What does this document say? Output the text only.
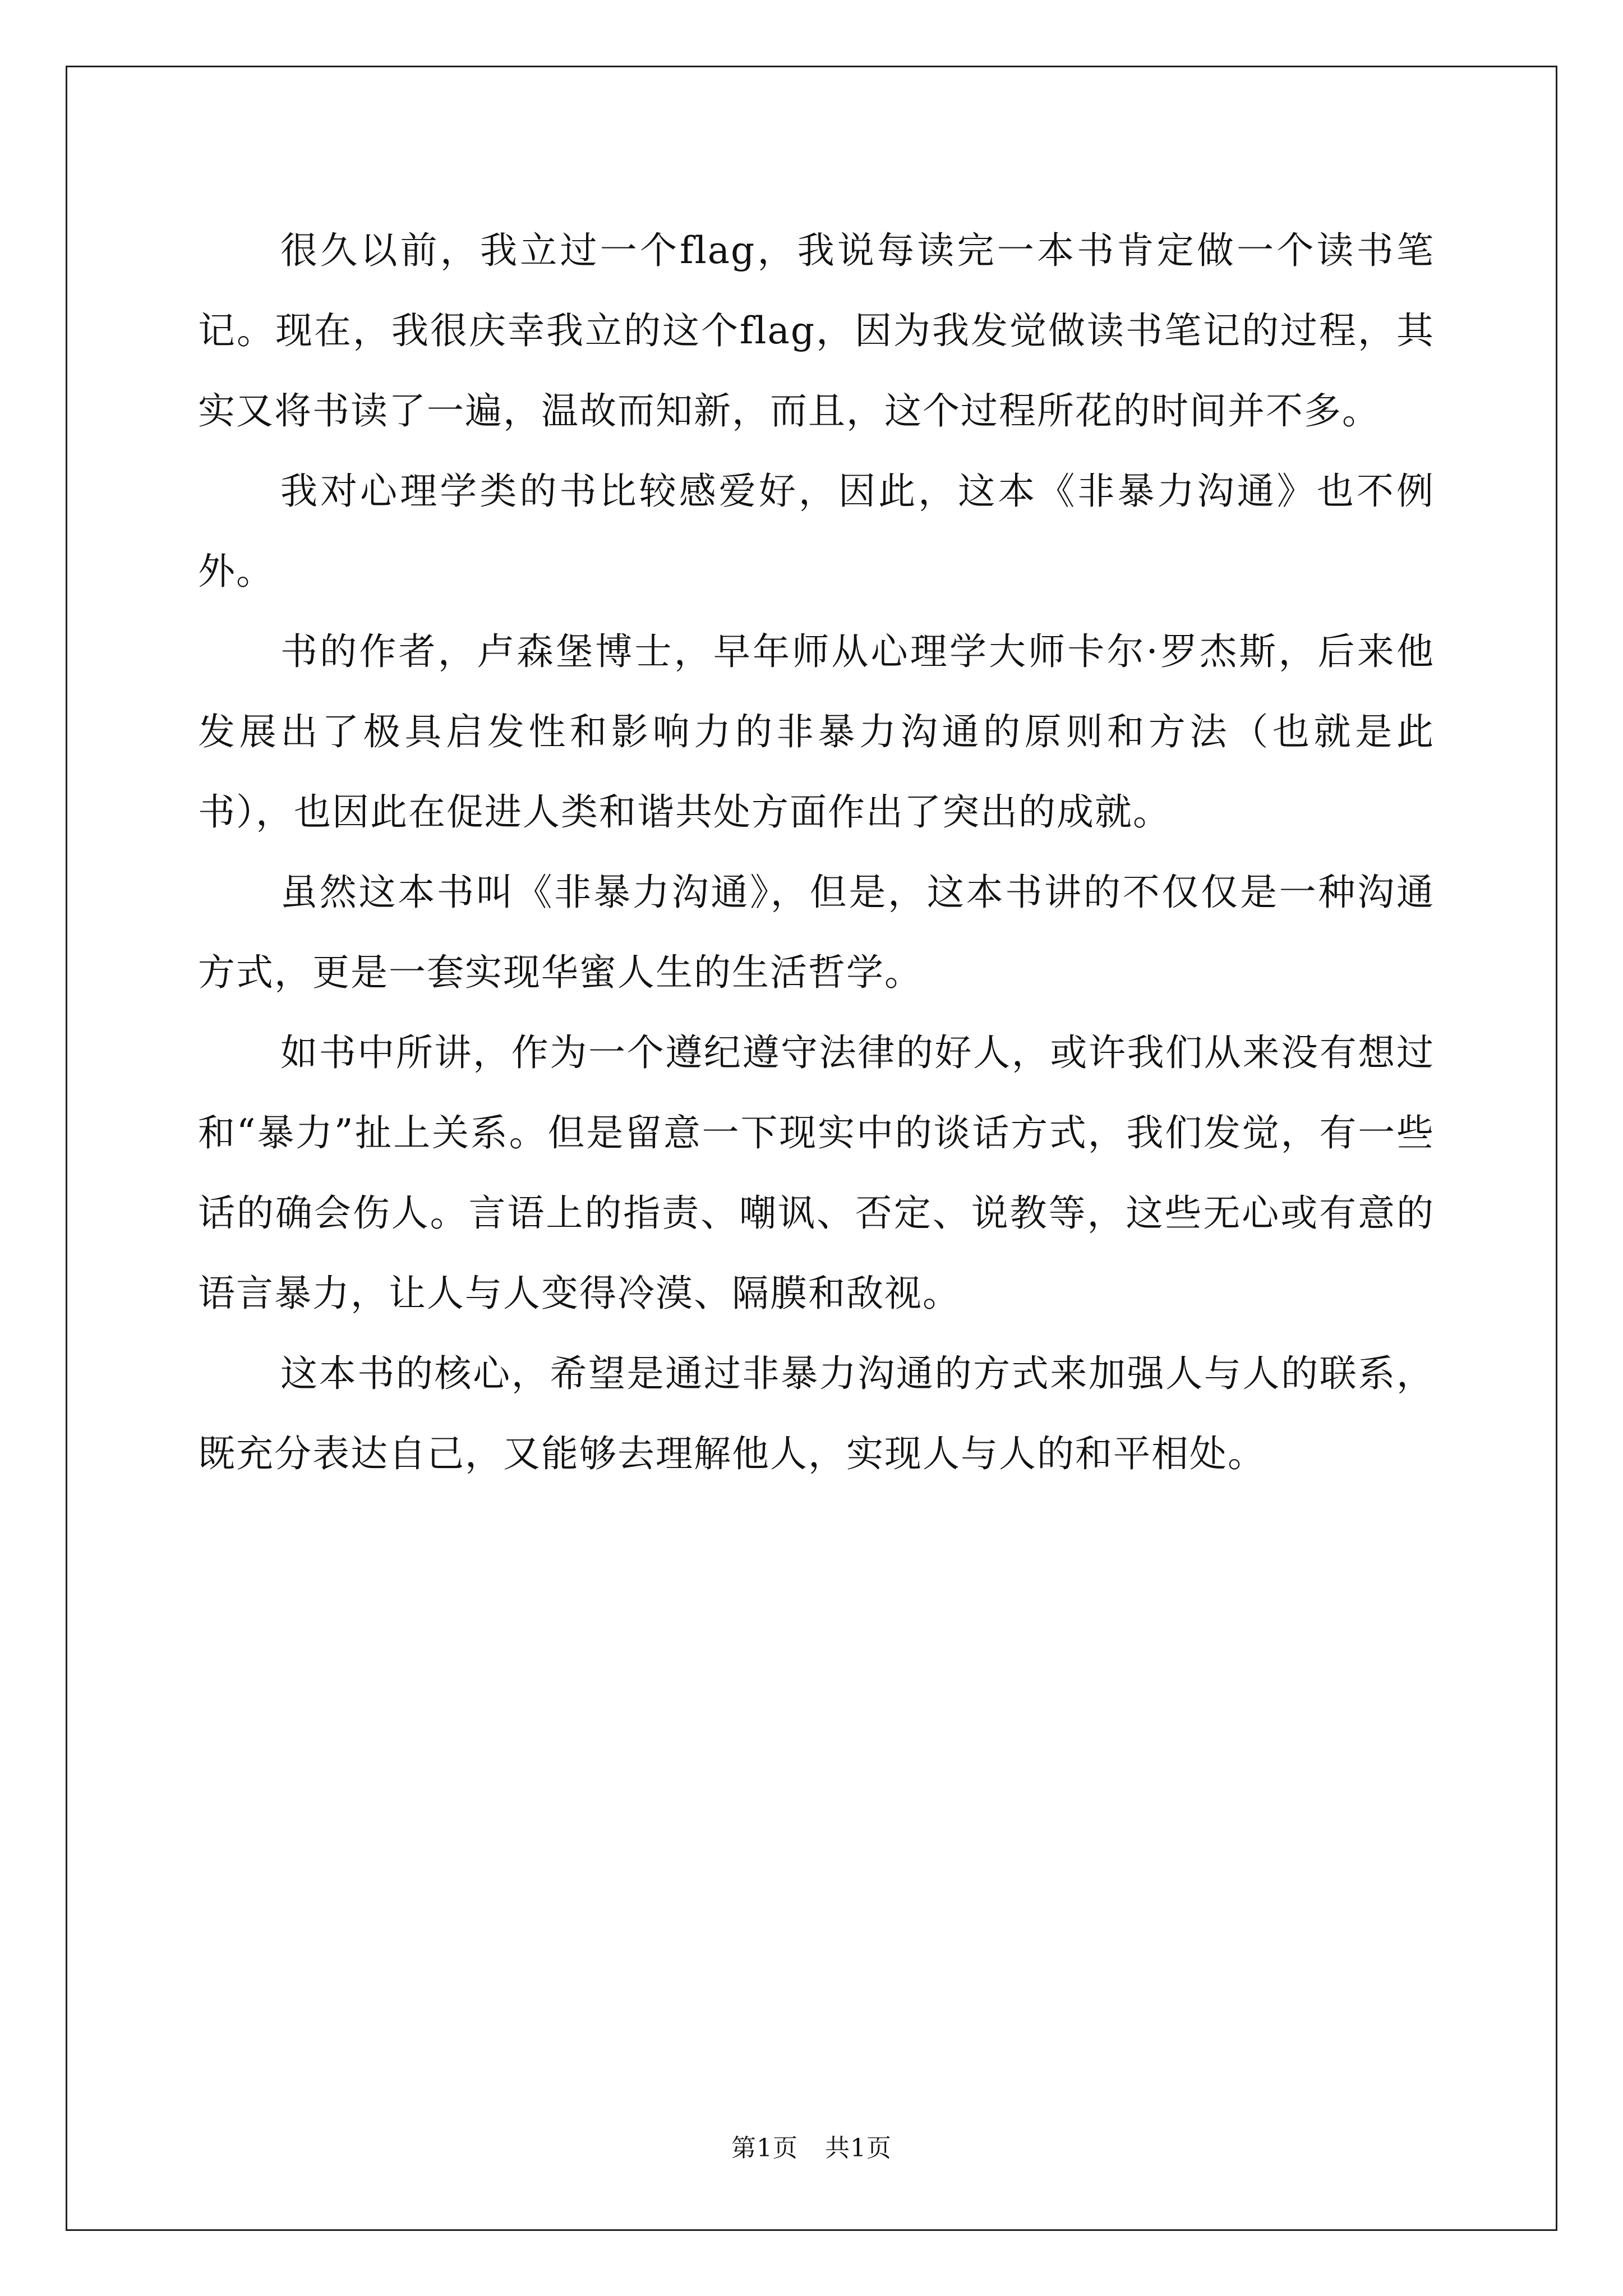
很久以前，我立过一个flag，我说每读完一本书肯定做一个读书笔记。现在，我很庆幸我立的这个flag，因为我发觉做读书笔记的过程，其实又将书读了一遍，温故而知新，而且，这个过程所花的时间并不多。

我对心理学类的书比较感爱好，因此，这本《非暴力沟通》也不例外。

书的作者，卢森堡博士，早年师从心理学大师卡尔·罗杰斯，后来他发展出了极具启发性和影响力的非暴力沟通的原则和方法（也就是此书），也因此在促进人类和谐共处方面作出了突出的成就。

虽然这本书叫《非暴力沟通》，但是，这本书讲的不仅仅是一种沟通方式，更是一套实现华蜜人生的生活哲学。

如书中所讲，作为一个遵纪遵守法律的好人，或许我们从来没有想过和“暴力”扯上关系。但是留意一下现实中的谈话方式，我们发觉，有一些话的确会伤人。言语上的指责、嘲讽、否定、说教等，这些无心或有意的语言暴力，让人与人变得冷漠、隔膜和敌视。

这本书的核心，希望是通过非暴力沟通的方式来加强人与人的联系，既充分表达自己，又能够去理解他人，实现人与人的和平相处。

第1页 共1页
